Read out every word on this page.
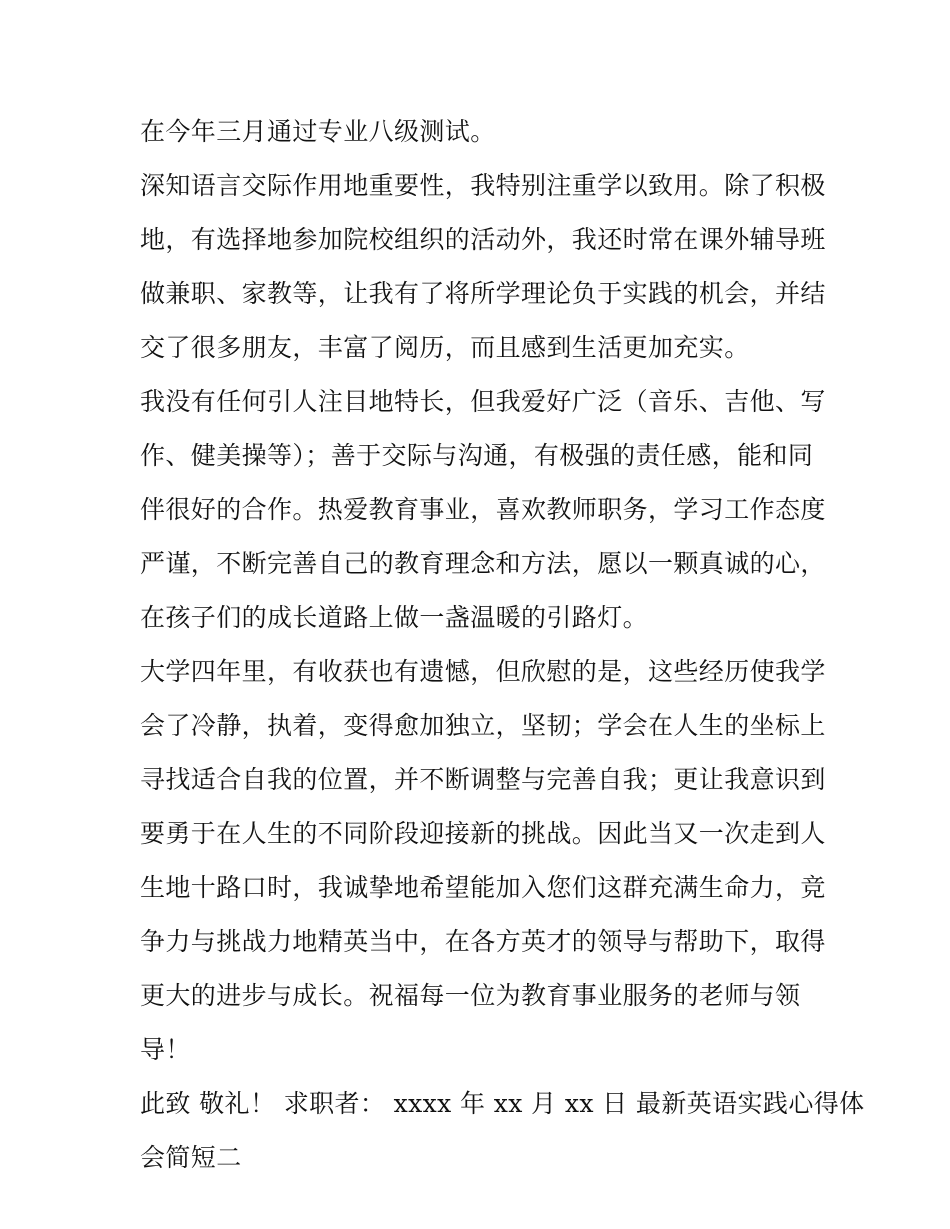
在今年三月通过专业八级测试。
深知语言交际作用地重要性，我特别注重学以致用。除了积极
地，有选择地参加院校组织的活动外，我还时常在课外辅导班
做兼职、家教等，让我有了将所学理论负于实践的机会，并结
交了很多朋友，丰富了阅历，而且感到生活更加充实。
我没有任何引人注目地特长，但我爱好广泛（音乐、吉他、写
作、健美操等）；善于交际与沟通，有极强的责任感，能和同
伴很好的合作。热爱教育事业，喜欢教师职务，学习工作态度
严谨，不断完善自己的教育理念和方法，愿以一颗真诚的心，
在孩子们的成长道路上做一盏温暖的引路灯。
大学四年里，有收获也有遗憾，但欣慰的是，这些经历使我学
会了冷静，执着，变得愈加独立，坚韧；学会在人生的坐标上
寻找适合自我的位置，并不断调整与完善自我；更让我意识到
要勇于在人生的不同阶段迎接新的挑战。因此当又一次走到人
生地十路口时，我诚挚地希望能加入您们这群充满生命力，竞
争力与挑战力地精英当中，在各方英才的领导与帮助下，取得
更大的进步与成长。祝福每一位为教育事业服务的老师与领
导！
此致 敬礼！ 求职者： xxxx 年 xx 月 xx 日 最新英语实践心得体
会简短二
